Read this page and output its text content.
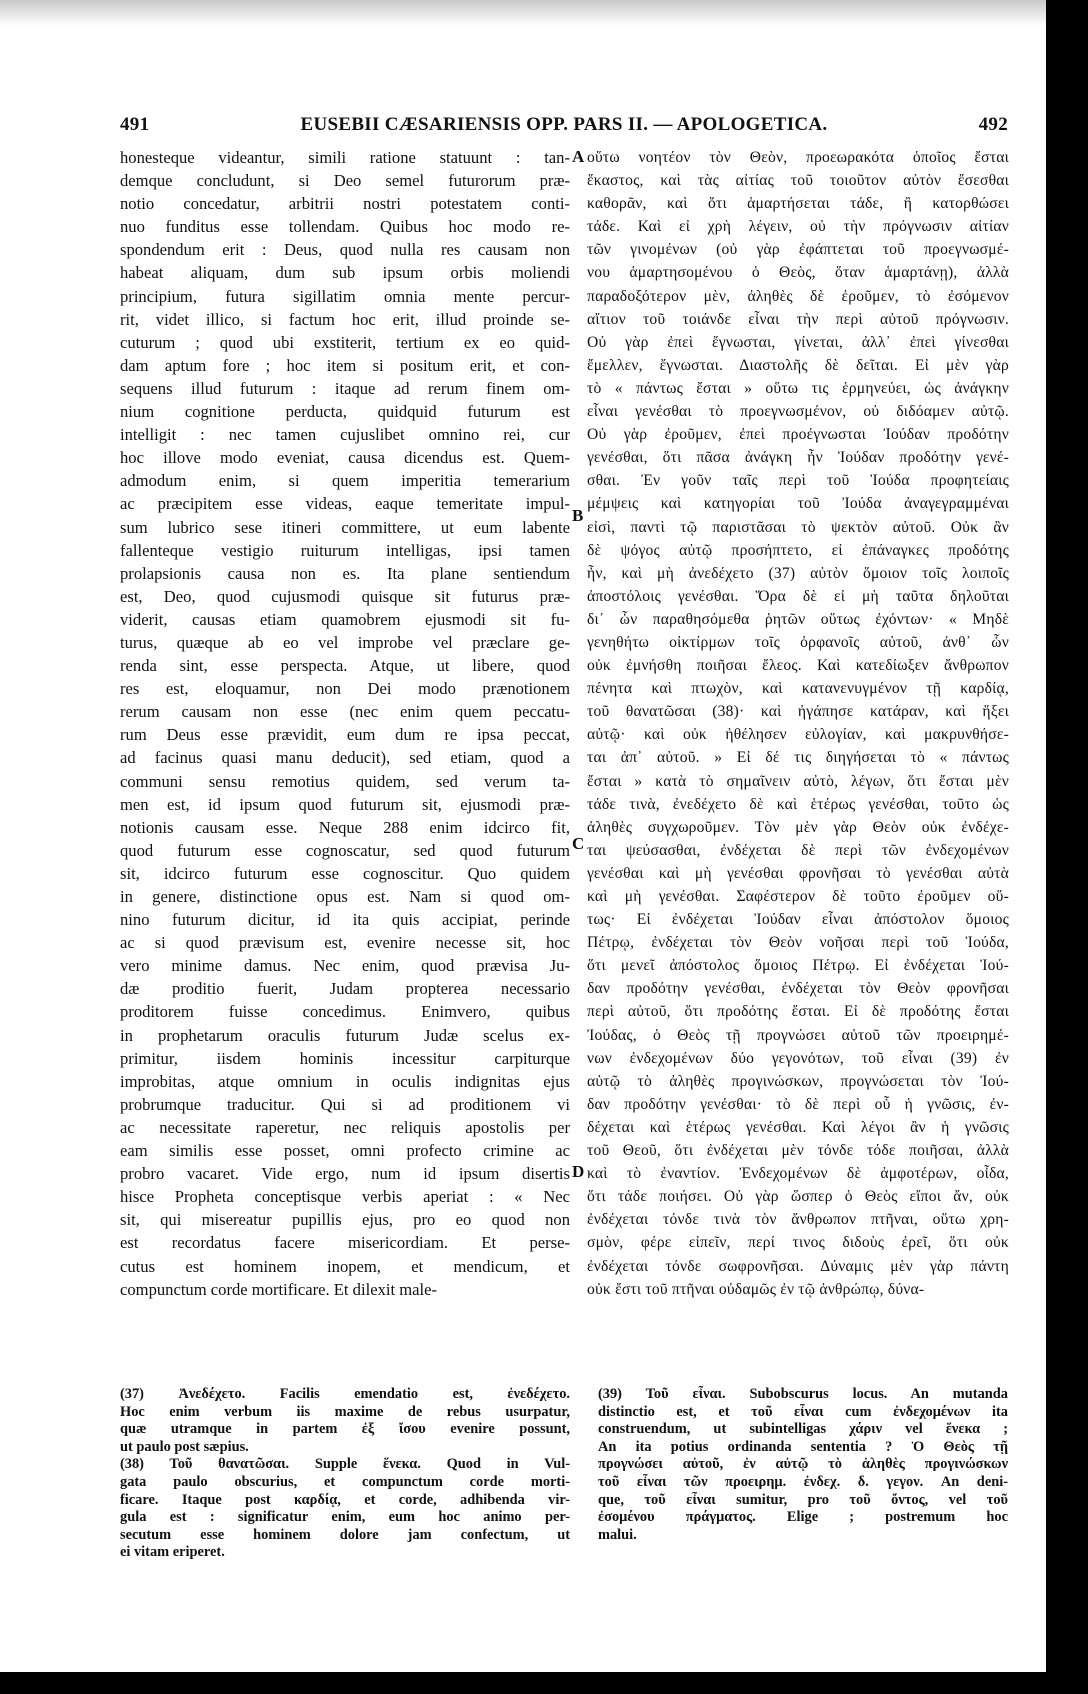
491	EUSEBII CÆSARIENSIS OPP. PARS II. — APOLOGETICA.	492
honesteque videantur, simili ratione statuunt : tan-
demque concludunt, si Deo semel futurorum præ-
notio concedatur, arbitrii nostri potestatem conti-
nuo funditus esse tollendam. Quibus hoc modo re-
spondendum erit : Deus, quod nulla res causam non
habeat aliquam, dum sub ipsum orbis moliendi
principium, futura sigillatim omnia mente percur-
rit, videt illico, si factum hoc erit, illud proinde se-
cuturum ; quod ubi exstiterit, tertium ex eo quid-
dam aptum fore ; hoc item si positum erit, et con-
sequens illud futurum : itaque ad rerum finem om-
nium cognitione perducta, quidquid futurum est
intelligit : nec tamen cujuslibet omnino rei, cur
hoc illove modo eveniat, causa dicendus est. Quem-
admodum enim, si quem imperitia temerarium
ac præcipitem esse videas, eaque temeritate impul-
sum lubrico sese itineri committere, ut eum labente
fallenteque vestigio ruiturum intelligas, ipsi tamen
prolapsionis causa non es. Ita plane sentiendum
est, Deo, quod cujusmodi quisque sit futurus præ-
viderit, causas etiam quamobrem ejusmodi sit fu-
turus, quæque ab eo vel improbe vel præclare ge-
renda sint, esse perspecta. Atque, ut libere, quod
res est, eloquamur, non Dei modo prænotionem
rerum causam non esse (nec enim quem peccatu-
rum Deus esse prævidit, eum dum re ipsa peccat,
ad facinus quasi manu deducit), sed etiam, quod a
communi sensu remotius quidem, sed verum ta-
men est, id ipsum quod futurum sit, ejusmodi præ-
notionis causam esse. Neque 288 enim idcirco fit,
quod futurum esse cognoscatur, sed quod futurum
sit, idcirco futurum esse cognoscitur. Quo quidem
in genere, distinctione opus est. Nam si quod om-
nino futurum dicitur, id ita quis accipiat, perinde
ac si quod prævisum est, evenire necesse sit, hoc
vero minime damus. Nec enim, quod prævisa Ju-
dæ proditio fuerit, Judam propterea necessario
proditorem fuisse concedimus. Enimvero, quibus
in prophetarum oraculis futurum Judæ scelus ex-
primitur, iisdem hominis incessitur carpiturque
improbitas, atque omnium in oculis indignitas ejus
probrumque traducitur. Qui si ad proditionem vi
ac necessitate raperetur, nec reliquis apostolis per
eam similis esse posset, omni profecto crimine ac
probro vacaret. Vide ergo, num id ipsum disertis
hisce Propheta conceptisque verbis aperiat : « Nec
sit, qui misereatur pupillis ejus, pro eo quod non
est recordatus facere misericordiam. Et perse-
cutus est hominem inopem, et mendicum, et
compunctum corde mortificare. Et dilexit male-
οὕτω νοητέον τὸν Θεὸν, προεωρακότα ὁποῖος ἔσται
ἕκαστος, καὶ τὰς αἰτίας τοῦ τοιοῦτον αὐτὸν ἔσεσθαι
καθορᾶν, καὶ ὅτι ἁμαρτήσεται τάδε, ἢ κατορθώσει
τάδε. Καὶ εἰ χρὴ λέγειν, οὐ τὴν πρόγνωσιν αἰτίαν
τῶν γινομένων (οὐ γὰρ ἐφάπτεται τοῦ προεγνωσμέ-
νου ἁμαρτησομένου ὁ Θεὸς, ὅταν ἁμαρτάνῃ), ἀλλὰ
παραδοξότερον μὲν, ἀληθὲς δὲ ἐροῦμεν, τὸ ἐσόμενον
αἴτιον τοῦ τοιάνδε εἶναι τὴν περὶ αὐτοῦ πρόγνωσιν.
Οὐ γὰρ ἐπεὶ ἔγνωσται, γίνεται, ἀλλ᾽ ἐπεὶ γίνεσθαι
ἔμελλεν, ἔγνωσται. Διαστολῆς δὲ δεῖται. Εἰ μὲν γὰρ
τὸ « πάντως ἔσται » οὕτω τις ἑρμηνεύει, ὡς ἀνάγκην
εἶναι γενέσθαι τὸ προεγνωσμένον, οὐ διδόαμεν αὐτῷ.
Οὐ γὰρ ἐροῦμεν, ἐπεὶ προέγνωσται Ἰούδαν προδότην
γενέσθαι, ὅτι πᾶσα ἀνάγκη ἦν Ἰούδαν προδότην γενέ-
σθαι. Ἐν γοῦν ταῖς περὶ τοῦ Ἰούδα προφητείαις
μέμψεις καὶ κατηγορίαι τοῦ Ἰούδα ἀναγεγραμμέναι
εἰσὶ, παντὶ τῷ παριστᾶσαι τὸ ψεκτὸν αὐτοῦ. Οὐκ ἂν
δὲ ψόγος αὐτῷ προσήπτετο, εἰ ἐπάναγκες προδότης
ἦν, καὶ μὴ ἀνεδέχετο (37) αὐτὸν ὅμοιον τοῖς λοιποῖς
ἀποστόλοις γενέσθαι. Ὅρα δὲ εἰ μὴ ταῦτα δηλοῦται
δι᾽ ὧν παραθησόμεθα ῥητῶν οὕτως ἐχόντων· « Μηδὲ
γενηθήτω οἰκτίρμων τοῖς ὀρφανοῖς αὐτοῦ, ἀνθ᾽ ὧν
οὐκ ἐμνήσθη ποιῆσαι ἔλεος. Καὶ κατεδίωξεν ἄνθρωπον
πένητα καὶ πτωχὸν, καὶ κατανενυγμένον τῇ καρδίᾳ,
τοῦ θανατῶσαι (38)· καὶ ἠγάπησε κατάραν, καὶ ἥξει
αὐτῷ· καὶ οὐκ ἠθέλησεν εὐλογίαν, καὶ μακρυνθήσε-
ται ἀπ᾽ αὐτοῦ. » Εἰ δέ τις διηγήσεται τὸ « πάντως
ἔσται » κατὰ τὸ σημαῖνειν αὐτὸ, λέγων, ὅτι ἔσται μὲν
τάδε τινὰ, ἐνεδέχετο δὲ καὶ ἑτέρως γενέσθαι, τοῦτο ὡς
ἀληθὲς συγχωροῦμεν. Τὸν μὲν γὰρ Θεὸν οὐκ ἐνδέχε-
ται ψεύσασθαι, ἐνδέχεται δὲ περὶ τῶν ἐνδεχομένων
γενέσθαι καὶ μὴ γενέσθαι φρονῆσαι τὸ γενέσθαι αὐτὰ
καὶ μὴ γενέσθαι. Σαφέστερον δὲ τοῦτο ἐροῦμεν οὕ-
τως· Εἰ ἐνδέχεται Ἰούδαν εἶναι ἀπόστολον ὅμοιος
Πέτρῳ, ἐνδέχεται τὸν Θεὸν νοῆσαι περὶ τοῦ Ἰούδα,
ὅτι μενεῖ ἀπόστολος ὅμοιος Πέτρῳ. Εἰ ἐνδέχεται Ἰού-
δαν προδότην γενέσθαι, ἐνδέχεται τὸν Θεὸν φρονῆσαι
περὶ αὐτοῦ, ὅτι προδότης ἔσται. Εἰ δὲ προδότης ἔσται
Ἰούδας, ὁ Θεὸς τῇ προγνώσει αὐτοῦ τῶν προειρημέ-
νων ἐνδεχομένων δύο γεγονότων, τοῦ εἶναι (39) ἐν
αὐτῷ τὸ ἀληθὲς προγινώσκων, προγνώσεται τὸν Ἰού-
δαν προδότην γενέσθαι· τὸ δὲ περὶ οὗ ἡ γνῶσις, ἐν-
δέχεται καὶ ἑτέρως γενέσθαι. Καὶ λέγοι ἂν ἡ γνῶσις
τοῦ Θεοῦ, ὅτι ἐνδέχεται μὲν τόνδε τόδε ποιῆσαι, ἀλλὰ
καὶ τὸ ἐναντίον. Ἐνδεχομένων δὲ ἀμφοτέρων, οἶδα,
ὅτι τάδε ποιήσει. Οὐ γὰρ ὥσπερ ὁ Θεὸς εἴποι ἄν, οὐκ
ἐνδέχεται τόνδε τινὰ τὸν ἄνθρωπον πτῆναι, οὕτω χρη-
σμὸν, φέρε εἰπεῖν, περί τινος διδοὺς ἐρεῖ, ὅτι οὐκ
ἐνδέχεται τόνδε σωφρονῆσαι. Δύναμις μὲν γὰρ πάντη
οὐκ ἔστι τοῦ πτῆναι οὐδαμῶς ἐν τῷ ἀνθρώπῳ, δύνα-
A
B
C
D
(37) Ἀνεδέχετο. Facilis emendatio est, ἐνεδέχετο.
Hoc enim verbum iis maxime de rebus usurpatur,
quæ utramque in partem ἐξ ἴσου evenire possunt,
ut paulo post sæpius.
(38) Τοῦ θανατῶσαι. Supple ἕνεκα. Quod in Vul-
gata paulo obscurius, et compunctum corde morti-
ficare. Itaque post καρδίᾳ, et corde, adhibenda vir-
gula est : significatur enim, eum hoc animo per-
secutum esse hominem dolore jam confectum, ut
ei vitam eriperet.
(39) Τοῦ εἶναι. Subobscurus locus. An mutanda
distinctio est, et τοῦ εἶναι cum ἐνδεχομένων ita
construendum, ut subintelligas χάριν vel ἕνεκα ;
An ita potius ordinanda sententia ? Ὁ Θεὸς τῇ
προγνώσει αὐτοῦ, ἐν αὐτῷ τὸ ἀληθὲς προγινώσκων
τοῦ εἶναι τῶν προειρημ. ἐνδεχ. δ. γεγον. An deni-
que, τοῦ εἶναι sumitur, pro τοῦ ὄντος, vel τοῦ
ἐσομένου πράγματος. Elige ; postremum hoc
malui.
